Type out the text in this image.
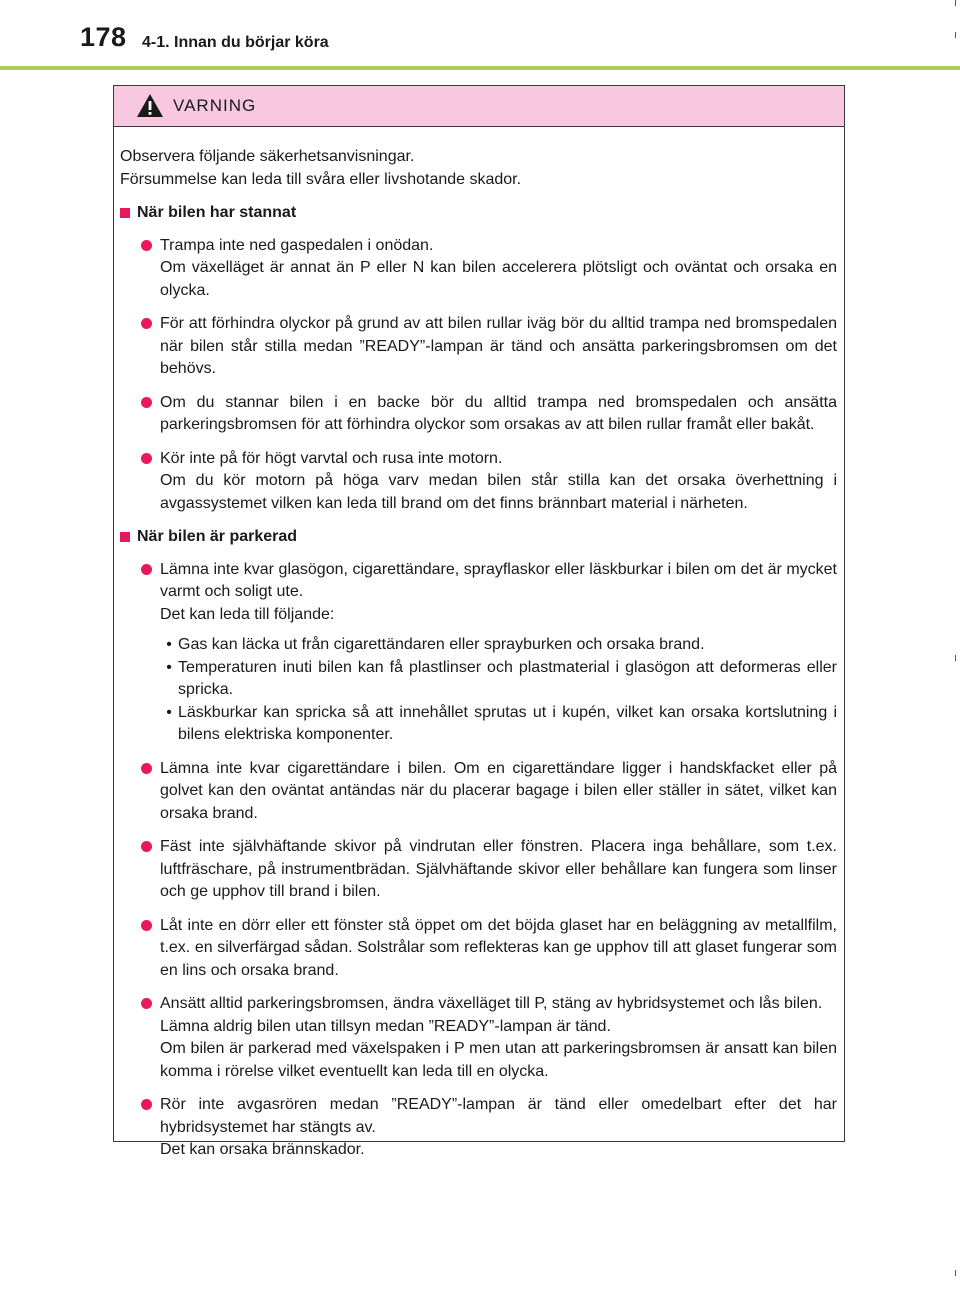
178 4-1. Innan du börjar köra
VARNING

Observera följande säkerhetsanvisningar.

Försummelse kan leda till svåra eller livshotande skador.

När bilen har stannat
Trampa inte ned gaspedalen i onödan.
Om växelläget är annat än P eller N kan bilen accelerera plötsligt och oväntat och orsaka en olycka.
För att förhindra olyckor på grund av att bilen rullar iväg bör du alltid trampa ned bromspedalen när bilen står stilla medan ”READY”-lampan är tänd och ansätta parkeringsbromsen om det behövs.
Om du stannar bilen i en backe bör du alltid trampa ned bromspedalen och ansätta parkeringsbromsen för att förhindra olyckor som orsakas av att bilen rullar framåt eller bakåt.
Kör inte på för högt varvtal och rusa inte motorn.
Om du kör motorn på höga varv medan bilen står stilla kan det orsaka överhettning i avgassystemet vilken kan leda till brand om det finns brännbart material i närheten.
När bilen är parkerad
Lämna inte kvar glasögon, cigarettändare, sprayflaskor eller läskburkar i bilen om det är mycket varmt och soligt ute.
Det kan leda till följande:
• Gas kan läcka ut från cigarettändaren eller sprayburken och orsaka brand.
• Temperaturen inuti bilen kan få plastlinser och plastmaterial i glasögon att deformeras eller spricka.
• Läskburkar kan spricka så att innehållet sprutas ut i kupén, vilket kan orsaka kortslutning i bilens elektriska komponenter.
Lämna inte kvar cigarettändare i bilen. Om en cigarettändare ligger i handskfacket eller på golvet kan den oväntat antändas när du placerar bagage i bilen eller ställer in sätet, vilket kan orsaka brand.
Fäst inte självhäftande skivor på vindrutan eller fönstren. Placera inga behållare, som t.ex. luftfräschare, på instrumentbrädan. Självhäftande skivor eller behållare kan fungera som linser och ge upphov till brand i bilen.
Låt inte en dörr eller ett fönster stå öppet om det böjda glaset har en beläggning av metallfilm, t.ex. en silverfärgad sådan. Solstrålar som reflekteras kan ge upphov till att glaset fungerar som en lins och orsaka brand.
Ansätt alltid parkeringsbromsen, ändra växelläget till P, stäng av hybridsystemet och lås bilen.
Lämna aldrig bilen utan tillsyn medan ”READY”-lampan är tänd.
Om bilen är parkerad med växelspaken i P men utan att parkeringsbromsen är ansatt kan bilen komma i rörelse vilket eventuellt kan leda till en olycka.
Rör inte avgasrören medan ”READY”-lampan är tänd eller omedelbart efter det har hybridsystemet har stängts av.
Det kan orsaka brännskador.
